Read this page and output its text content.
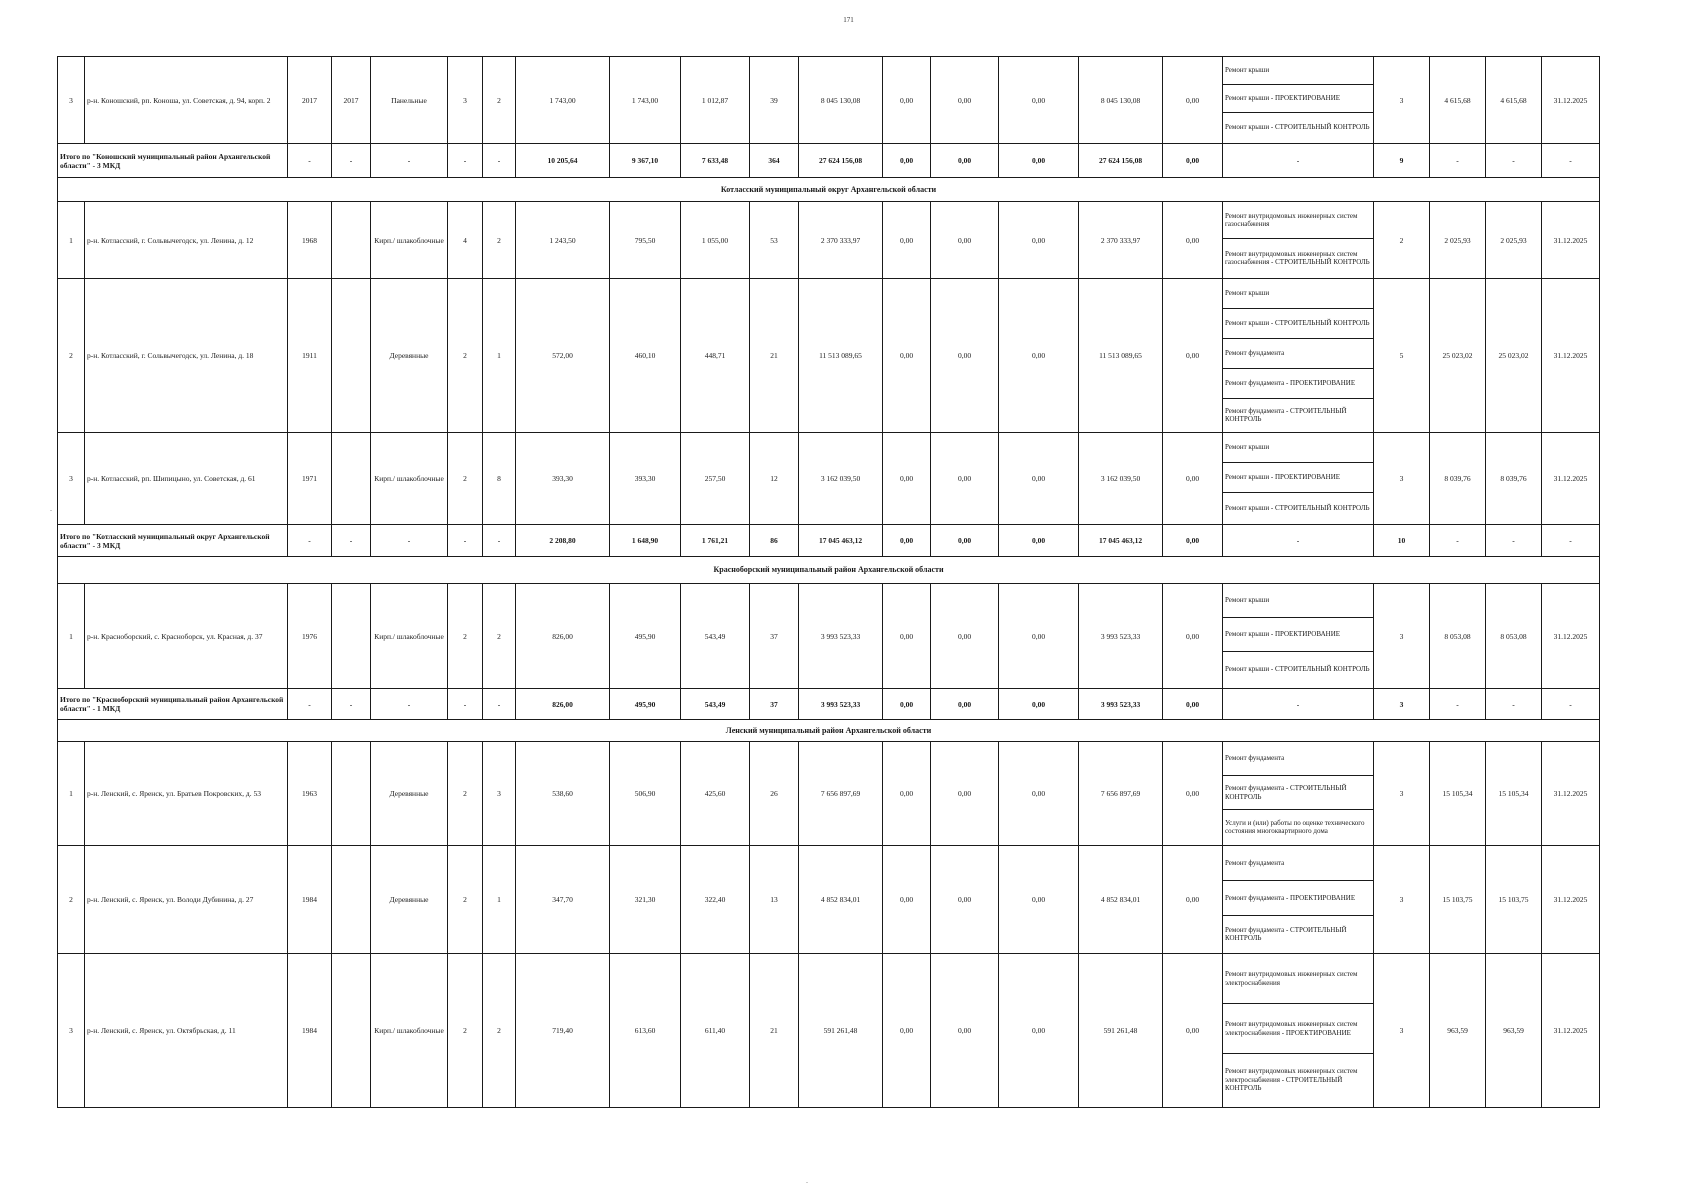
171
-
-
3	р-н. Коношский, рп. Коноша, ул. Советская, д. 94, корп. 2	2017	2017	Панельные	3	2	1 743,00	1 743,00	1 012,87	39	8 045 130,08	0,00	0,00	0,00	8 045 130,08	0,00	Ремонт крыши
Ремонт крыши - ПРОЕКТИРОВАНИЕ
Ремонт крыши - СТРОИТЕЛЬНЫЙ КОНТРОЛЬ	3	4 615,68	4 615,68	31.12.2025
Итого по "Коношский муниципальный район Архангельской области" - 3 МКД		-	-	-	-	-	10 205,64	9 367,10	7 633,48	364	27 624 156,08	0,00	0,00	0,00	27 624 156,08	0,00	-	9	-	-	-
Котласский муниципальный округ Архангельской области																					
1	р-н. Котласский, г. Сольвычегодск, ул. Ленина, д. 12	1968		Кирп./ шлакоблочные	4	2	1 243,50	795,50	1 055,00	53	2 370 333,97	0,00	0,00	0,00	2 370 333,97	0,00	Ремонт внутридомовых инженерных систем газоснабжения
Ремонт внутридомовых инженерных систем газоснабжения - СТРОИТЕЛЬНЫЙ КОНТРОЛЬ	2	2 025,93	2 025,93	31.12.2025
2	р-н. Котласский, г. Сольвычегодск, ул. Ленина, д. 18	1911		Деревянные	2	1	572,00	460,10	448,71	21	11 513 089,65	0,00	0,00	0,00	11 513 089,65	0,00	Ремонт крыши
Ремонт крыши - СТРОИТЕЛЬНЫЙ КОНТРОЛЬ
Ремонт фундамента
Ремонт фундамента - ПРОЕКТИРОВАНИЕ
Ремонт фундамента - СТРОИТЕЛЬНЫЙ КОНТРОЛЬ	5	25 023,02	25 023,02	31.12.2025
3	р-н. Котласский, рп. Шипицыно, ул. Советская, д. 61	1971		Кирп./ шлакоблочные	2	8	393,30	393,30	257,50	12	3 162 039,50	0,00	0,00	0,00	3 162 039,50	0,00	Ремонт крыши
Ремонт крыши - ПРОЕКТИРОВАНИЕ
Ремонт крыши - СТРОИТЕЛЬНЫЙ КОНТРОЛЬ	3	8 039,76	8 039,76	31.12.2025
Итого по "Котласский муниципальный округ Архангельской области" - 3 МКД		-	-	-	-	-	2 208,80	1 648,90	1 761,21	86	17 045 463,12	0,00	0,00	0,00	17 045 463,12	0,00	-	10	-	-	-
Красноборский муниципальный район Архангельской области																					
1	р-н. Красноборский, с. Красноборск, ул. Красная, д. 37	1976		Кирп./ шлакоблочные	2	2	826,00	495,90	543,49	37	3 993 523,33	0,00	0,00	0,00	3 993 523,33	0,00	Ремонт крыши
Ремонт крыши - ПРОЕКТИРОВАНИЕ
Ремонт крыши - СТРОИТЕЛЬНЫЙ КОНТРОЛЬ	3	8 053,08	8 053,08	31.12.2025
Итого по "Красноборский муниципальный район Архангельской области" - 1 МКД		-	-	-	-	-	826,00	495,90	543,49	37	3 993 523,33	0,00	0,00	0,00	3 993 523,33	0,00	-	3	-	-	-
Ленский муниципальный район Архангельской области																					
1	р-н. Ленский, с. Яренск, ул. Братьев Покровских, д. 53	1963		Деревянные	2	3	538,60	506,90	425,60	26	7 656 897,69	0,00	0,00	0,00	7 656 897,69	0,00	Ремонт фундамента
Ремонт фундамента - СТРОИТЕЛЬНЫЙ КОНТРОЛЬ
Услуги и (или) работы по оценке технического состояния многоквартирного дома	3	15 105,34	15 105,34	31.12.2025
2	р-н. Ленский, с. Яренск, ул. Володи Дубинина, д. 27	1984		Деревянные	2	1	347,70	321,30	322,40	13	4 852 834,01	0,00	0,00	0,00	4 852 834,01	0,00	Ремонт фундамента
Ремонт фундамента - ПРОЕКТИРОВАНИЕ
Ремонт фундамента - СТРОИТЕЛЬНЫЙ КОНТРОЛЬ	3	15 103,75	15 103,75	31.12.2025
3	р-н. Ленский, с. Яренск, ул. Октябрьская, д. 11	1984		Кирп./ шлакоблочные	2	2	719,40	613,60	611,40	21	591 261,48	0,00	0,00	0,00	591 261,48	0,00	Ремонт внутридомовых инженерных систем электроснабжения
Ремонт внутридомовых инженерных систем электроснабжения - ПРОЕКТИРОВАНИЕ
Ремонт внутридомовых инженерных систем электроснабжения - СТРОИТЕЛЬНЫЙ КОНТРОЛЬ	3	963,59	963,59	31.12.2025
